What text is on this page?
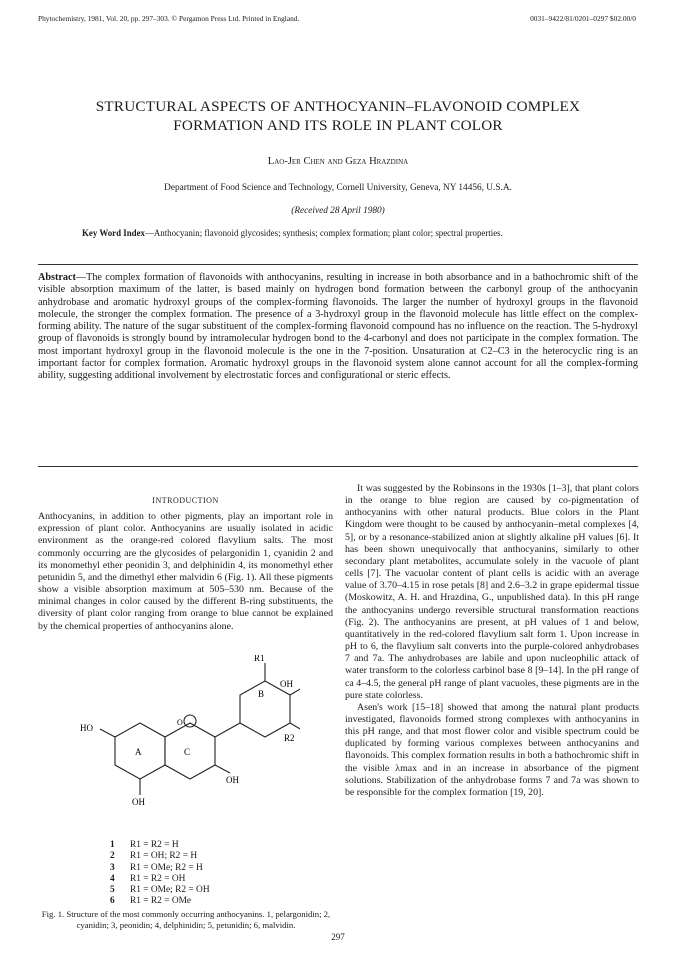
Phytochemistry, 1981, Vol. 20, pp. 297–303. © Pergamon Press Ltd. Printed in England.	0031–9422/81/0201–0297 $02.00/0
STRUCTURAL ASPECTS OF ANTHOCYANIN–FLAVONOID COMPLEX
FORMATION AND ITS ROLE IN PLANT COLOR
Lao-Jer Chen and Geza Hrazdina
Department of Food Science and Technology, Cornell University, Geneva, NY 14456, U.S.A.
(Received 28 April 1980)
Key Word Index—Anthocyanin; flavonoid glycosides; synthesis; complex formation; plant color; spectral properties.
Abstract—The complex formation of flavonoids with anthocyanins, resulting in increase in both absorbance and in a bathochromic shift of the visible absorption maximum of the latter, is based mainly on hydrogen bond formation between the carbonyl group of the anthocyanin anhydrobase and aromatic hydroxyl groups of the complex-forming flavonoids. The larger the number of hydroxyl groups in the flavonoid molecule, the stronger the complex formation. The presence of a 3-hydroxyl group in the flavonoid molecule has little effect on the complex-forming ability. The nature of the sugar substituent of the complex-forming flavonoid compound has no influence on the reaction. The 5-hydroxyl group of flavonoids is strongly bound by intramolecular hydrogen bond to the 4-carbonyl and does not participate in the complex formation. The most important hydroxyl group in the flavonoid molecule is the one in the 7-position. Unsaturation at C2–C3 in the heterocyclic ring is an important factor for complex formation. Aromatic hydroxyl groups in the flavonoid system alone cannot account for all the complex-forming ability, suggesting additional involvement by electrostatic forces and configurational or steric effects.
INTRODUCTION

Anthocyanins, in addition to other pigments, play an important role in expression of plant color. Anthocyanins are usually isolated in acidic environment as the orange-red colored flavylium salts. The most commonly occurring are the glycosides of pelargonidin 1, cyanidin 2 and its monomethyl ether peonidin 3, and delphinidin 4, its monomethyl ether petunidin 5, and the dimethyl ether malvidin 6 (Fig. 1). All these pigments show a visible absorption maximum at 505–530 nm. Because of the minimal changes in color caused by the different B-ring substituents, the diversity of plant color ranging from orange to blue cannot be explained by the chemical properties of anthocyanins alone.

R1
B
OH
R2
HO
A	C
O
OH
OH
1	R1 = R2 = H
2	R1 = OH; R2 = H
3	R1 = OMe; R2 = H
4	R1 = R2 = OH
5	R1 = OMe; R2 = OH
6	R1 = R2 = OMe
Fig. 1. Structure of the most commonly occurring anthocyanins. 1, pelargonidin; 2, cyanidin; 3, peonidin; 4, delphinidin; 5, petunidin; 6, malvidin.

It was suggested by the Robinsons in the 1930s [1–3], that plant colors in the orange to blue region are caused by co-pigmentation of anthocyanins with other natural products. Blue colors in the Plant Kingdom were thought to be caused by anthocyanin–metal complexes [4, 5], or by a resonance-stabilized anion at slightly alkaline pH values [6]. It has been shown unequivocally that anthocyanins, similarly to other secondary plant metabolites, accumulate solely in the vacuole of plant cells [7]. The vacuolar content of plant cells is acidic with an average value of 3.70–4.15 in rose petals [8] and 2.6–3.2 in grape epidermal tissue (Moskowitz, A. H. and Hrazdina, G., unpublished data). In this pH range the anthocyanins undergo reversible structural transformation reactions (Fig. 2). The anthocyanins are present, at pH values of 1 and below, quantitatively in the red-colored flavylium salt form 1. Upon increase in pH to 6, the flavylium salt converts into the purple-colored anhydrobases 7 and 7a. The anhydrobases are labile and upon nucleophilic attack of water transform to the colorless carbinol base 8 [9–14]. In the pH range of ca 4–4.5, the general pH range of plant vacuoles, these pigments are in the pure state colorless.

Asen's work [15–18] showed that among the natural plant products investigated, flavonoids formed strong complexes with anthocyanins in this pH range, and that most flower color and visible spectrum could be duplicated by forming various complexes between anthocyanins and flavonoids. This complex formation results in both a bathochromic shift in the visible λmax and in an increase in absorbance of the pigment solutions. Stabilization of the anhydrobase forms 7 and 7a was shown to be responsible for the complex formation [19, 20].

297
